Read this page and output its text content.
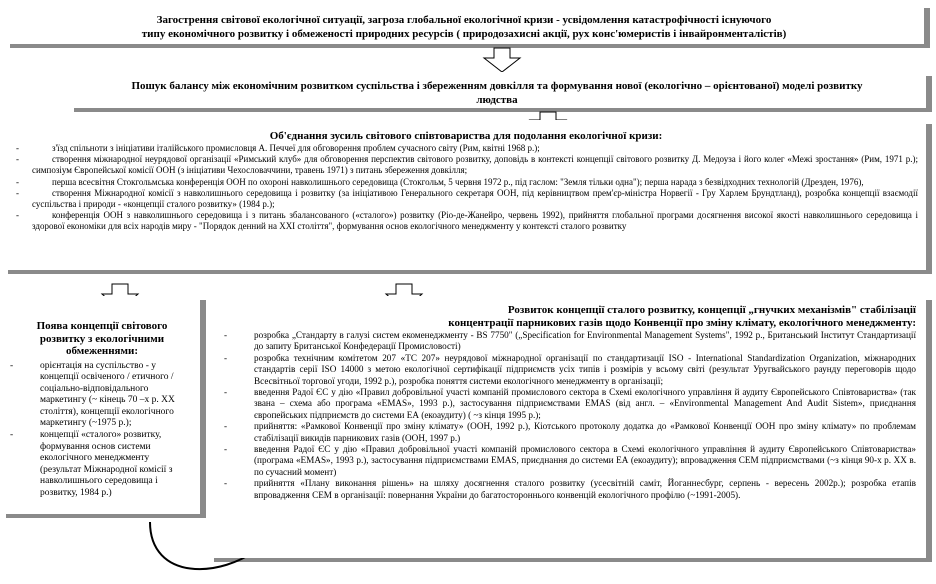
Загострення світової екологічної ситуації, загроза глобальної екологічної кризи - усвідомлення катастрофічності існуючого
типу економічного розвитку і обмеженості природних ресурсів ( природозахисні акції, рух конс'юмеристів і інвайронменталістів)
Пошук балансу між економічним розвитком суспільства і збереженням довкілля та формування нової (екологічно – орієнтованої) моделі розвитку
людства
Об'єднання зусиль світового співтовариства для подолання екологічної кризи:
-	з'їзд спільноти з ініціативи італійського промисловця А. Печчеї для обговорення проблем сучасного світу (Рим, квітні 1968 р.);
-	створення міжнародної неурядової організації «Римський клуб» для обговорення перспектив світового розвитку, доповідь в контексті концепції світового розвитку Д. Медоуза і його колег «Межі зростання» (Рим, 1971 р.); симпозіум Європейської комісії ООН (з ініціативи Чехословаччини, травень 1971) з питань збереження довкілля;
-	перша всесвітня Стокгольмська конференція ООН по охороні навколишнього середовища (Стокгольм, 5 червня 1972 р., під гаслом: "Земля тільки одна"); перша нарада з безвідходних технологій (Дрезден, 1976),
-	створення Міжнародної комісії з навколишнього середовища і розвитку (за ініціативою Генерального секретаря ООН, під керівництвом прем'єр-міністра Норвегії - Гру Харлем Брундтланд), розробка концепції взаємодії суспільства і природи - «концепції сталого розвитку» (1984 р.);
-	конференція ООН з навколишнього середовища і з питань збалансованого («сталого») розвитку (Ріо-де-Жанейро, червень 1992), прийняття глобальної програми досягнення високої якості навколишнього середовища і здорової економіки для всіх народів миру - "Порядок денний на XXI століття", формування основ екологічного менеджменту у контексті сталого розвитку
Поява концепції світового розвитку з екологічними обмеженнями:
-	орієнтація на суспільство - у концепції освіченого / етичного / соціально-відповідального маркетингу (~ кінець 70 –х р. XX століття), концепції екологічного маркетингу (~1975 р.);
-	концепції «сталого» розвитку, формування основ системи екологічного менеджменту (результат Міжнародної комісії з навколишнього середовища і розвитку, 1984 р.)
Розвиток концепції сталого розвитку, концепції „гнучких механізмів" стабілізації
концентрації парникових газів щодо Конвенції про зміну клімату, екологічного менеджменту:
-	розробка „Стандарту в галузі систем екоменеджменту - BS 7750" („Specification for Environmental Management Systems", 1992 р., Британський Інститут Стандартизації до запиту Британської Конфедерації Промисловості)
-	розробка технічним комітетом 207 «TC 207» неурядової міжнародної організації по стандартизації ISO - International Standardization Organization, міжнародних стандартів серії ISO 14000 з метою екологічної сертифікації підприємств усіх типів і розмірів у всьому світі (результат Уругвайського раунду переговорів щодо Всесвітньої торгової угоди, 1992 р.), розробка поняття системи екологічного менеджменту в організації;
-	введення Радої ЄС у дію «Правил добровільної участі компаній промислового сектора в Схемі екологічного управління й аудиту Європейського Співтовариства» (так звана – схема або програма «EMAS», 1993 р.), застосування підприємствами EMAS (від англ. – «Environmental Management And Audit Sistem», приєднання європейських підприємств до системи ЕА (екоаудиту) ( ~з кінця 1995 р.);
-	прийняття: «Рамкової Конвенції про зміну клімату» (ООН, 1992 р.), Кіотського протоколу додатка до «Рамкової Конвенції ООН про зміну клімату» по проблемам стабілізації викидів парникових газів (ООН, 1997 р.)
-	введення Радої ЄС у дію «Правил добровільної участі компаній промислового сектора в Схемі екологічного управління й аудиту Європейського Співтовариства» (програма «EMAS», 1993 р.), застосування підприємствами EMAS, приєднання до системи ЕА (екоаудиту); впровадження СЕМ підприємствами (~з кінця 90-х р. XX в. по сучасний момент)
-	прийняття «Плану виконання рішень» на шляху досягнення сталого розвитку (усесвітній саміт, Йоганнесбург, серпень - вересень 2002р.); розробка етапів впровадження СЕМ в організації: повернання України до багатостороннього конвенцій екологічного профілю (~1991-2005).
